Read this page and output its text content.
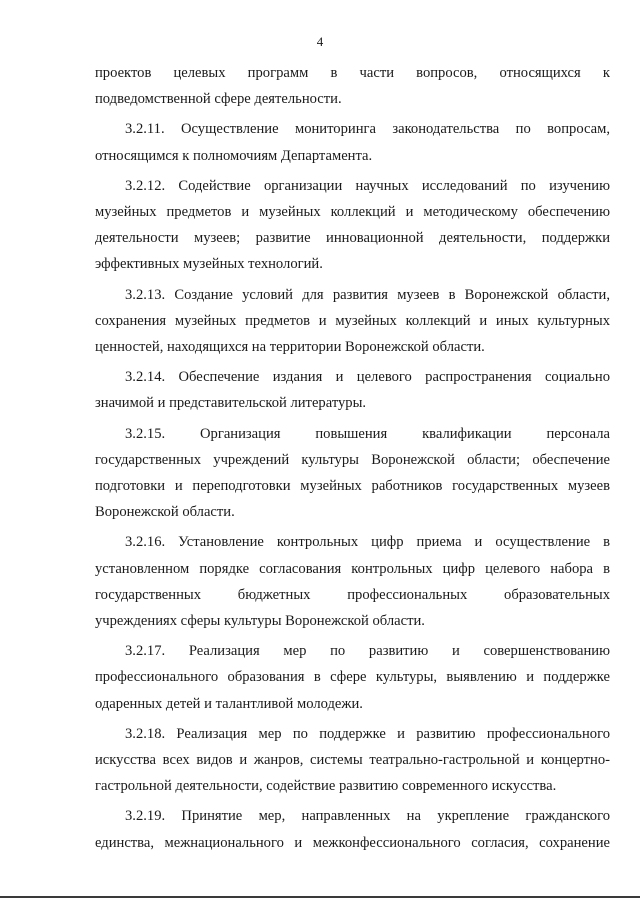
4
проектов целевых программ в части вопросов, относящихся к
подведомственной сфере деятельности.
3.2.11. Осуществление мониторинга законодательства по вопросам,
относящимся к полномочиям Департамента.
3.2.12. Содействие организации научных исследований по изучению
музейных предметов и музейных коллекций и методическому обеспечению
деятельности музеев; развитие инновационной деятельности, поддержки
эффективных музейных технологий.
3.2.13. Создание условий для развития музеев в Воронежской области,
сохранения музейных предметов и музейных коллекций и иных культурных
ценностей, находящихся на территории Воронежской области.
3.2.14. Обеспечение издания и целевого распространения социально
значимой и представительской литературы.
3.2.15. Организация повышения квалификации персонала
государственных учреждений культуры Воронежской области; обеспечение
подготовки и переподготовки музейных работников государственных музеев
Воронежской области.
3.2.16. Установление контрольных цифр приема и осуществление в
установленном порядке согласования контрольных цифр целевого набора в
государственных бюджетных профессиональных образовательных
учреждениях сферы культуры Воронежской области.
3.2.17. Реализация мер по развитию и совершенствованию
профессионального образования в сфере культуры, выявлению и поддержке
одаренных детей и талантливой молодежи.
3.2.18. Реализация мер по поддержке и развитию профессионального
искусства всех видов и жанров, системы театрально-гастрольной и концертно-
гастрольной деятельности, содействие развитию современного искусства.
3.2.19. Принятие мер, направленных на укрепление гражданского
единства, межнационального и межконфессионального согласия, сохранение
